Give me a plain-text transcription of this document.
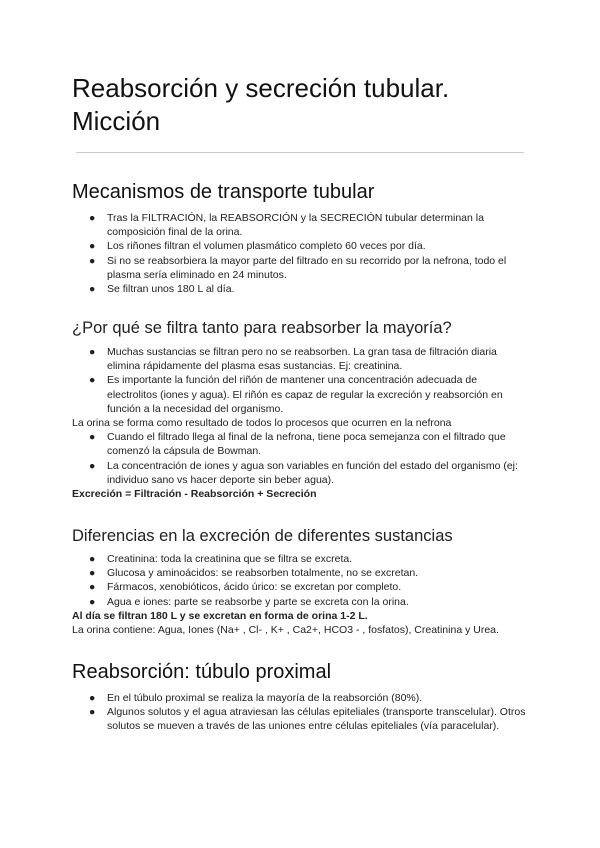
Reabsorción y secreción tubular. Micción
Mecanismos de transporte tubular
● Tras la FILTRACIÓN, la REABSORCIÓN y la SECRECIÓN tubular determinan la composición final de la orina.
● Los riñones filtran el volumen plasmático completo 60 veces por día.
● Si no se reabsorbiera la mayor parte del filtrado en su recorrido por la nefrona, todo el plasma sería eliminado en 24 minutos.
● Se filtran unos 180 L al día.
¿Por qué se filtra tanto para reabsorber la mayoría?
● Muchas sustancias se filtran pero no se reabsorben. La gran tasa de filtración diaria elimina rápidamente del plasma esas sustancias. Ej: creatinina.
● Es importante la función del riñón de mantener una concentración adecuada de electrolitos (iones y agua). El riñón es capaz de regular la excreción y reabsorción en función a la necesidad del organismo.

La orina se forma como resultado de todos lo procesos que ocurren en la nefrona

● Cuando el filtrado llega al final de la nefrona, tiene poca semejanza con el filtrado que comenzó la cápsula de Bowman.
● La concentración de iones y agua son variables en función del estado del organismo (ej: individuo sano vs hacer deporte sin beber agua).

Excreción = Filtración - Reabsorción + Secreción

Diferencias en la excreción de diferentes sustancias
● Creatinina: toda la creatinina que se filtra se excreta.
● Glucosa y aminoácidos: se reabsorben totalmente, no se excretan.
● Fármacos, xenobióticos, ácido úrico: se excretan por completo.
● Agua e iones: parte se reabsorbe y parte se excreta con la orina.

Al día se filtran 180 L y se excretan en forma de orina 1-2 L.

La orina contiene: Agua, Iones (Na+ , Cl- , K+ , Ca2+, HCO3 - , fosfatos), Creatinina y Urea.

Reabsorción: túbulo proximal
● En el túbulo proximal se realiza la mayoría de la reabsorción (80%).
● Algunos solutos y el agua atraviesan las células epiteliales (transporte transcelular). Otros solutos se mueven a través de las uniones entre células epiteliales (vía paracelular).
